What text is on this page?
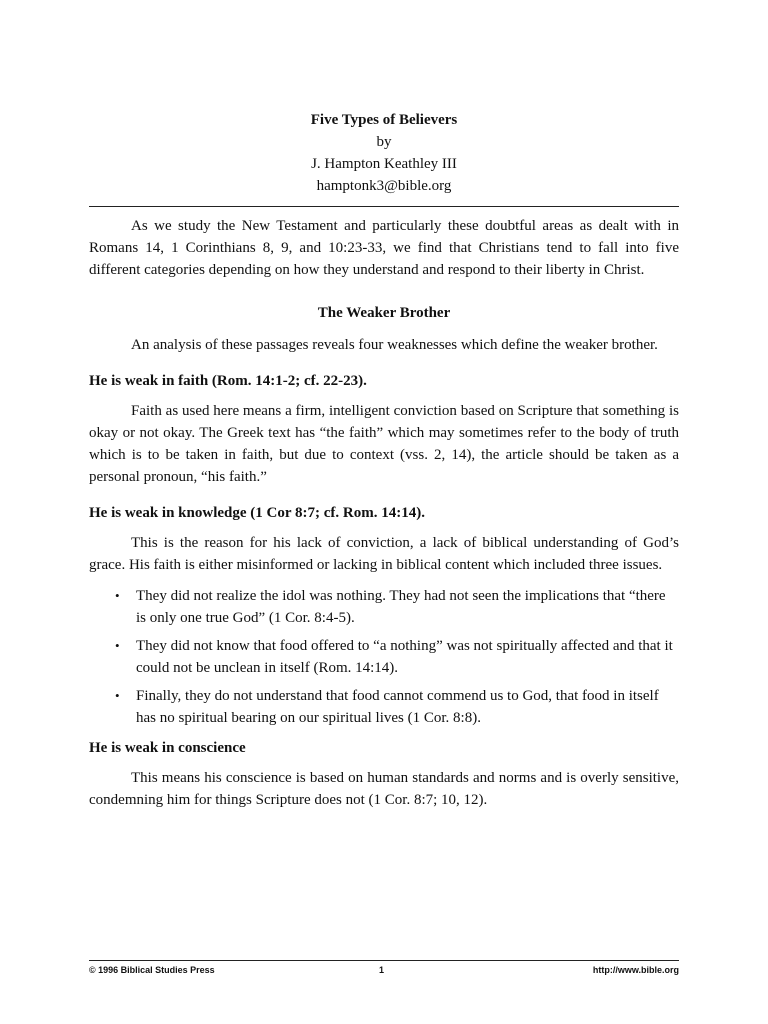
Five Types of Believers
by
J. Hampton Keathley III
hamptonk3@bible.org

As we study the New Testament and particularly these doubtful areas as dealt with in Romans 14, 1 Corinthians 8, 9, and 10:23-33, we find that Christians tend to fall into five different categories depending on how they understand and respond to their liberty in Christ.

The Weaker Brother

An analysis of these passages reveals four weaknesses which define the weaker brother.

He is weak in faith (Rom. 14:1-2; cf. 22-23).

Faith as used here means a firm, intelligent conviction based on Scripture that something is okay or not okay. The Greek text has “the faith” which may sometimes refer to the body of truth which is to be taken in faith, but due to context (vss. 2, 14), the article should be taken as a personal pronoun, “his faith.”

He is weak in knowledge (1 Cor 8:7; cf. Rom. 14:14).

This is the reason for his lack of conviction, a lack of biblical understanding of God’s grace. His faith is either misinformed or lacking in biblical content which included three issues.

• They did not realize the idol was nothing. They had not seen the implications that “there is only one true God” (1 Cor. 8:4-5).
• They did not know that food offered to “a nothing” was not spiritually affected and that it could not be unclean in itself (Rom. 14:14).
• Finally, they do not understand that food cannot commend us to God, that food in itself has no spiritual bearing on our spiritual lives (1 Cor. 8:8).
He is weak in conscience

This means his conscience is based on human standards and norms and is overly sensitive, condemning him for things Scripture does not (1 Cor. 8:7; 10, 12).

© 1996 Biblical Studies Press	1	http://www.bible.org
